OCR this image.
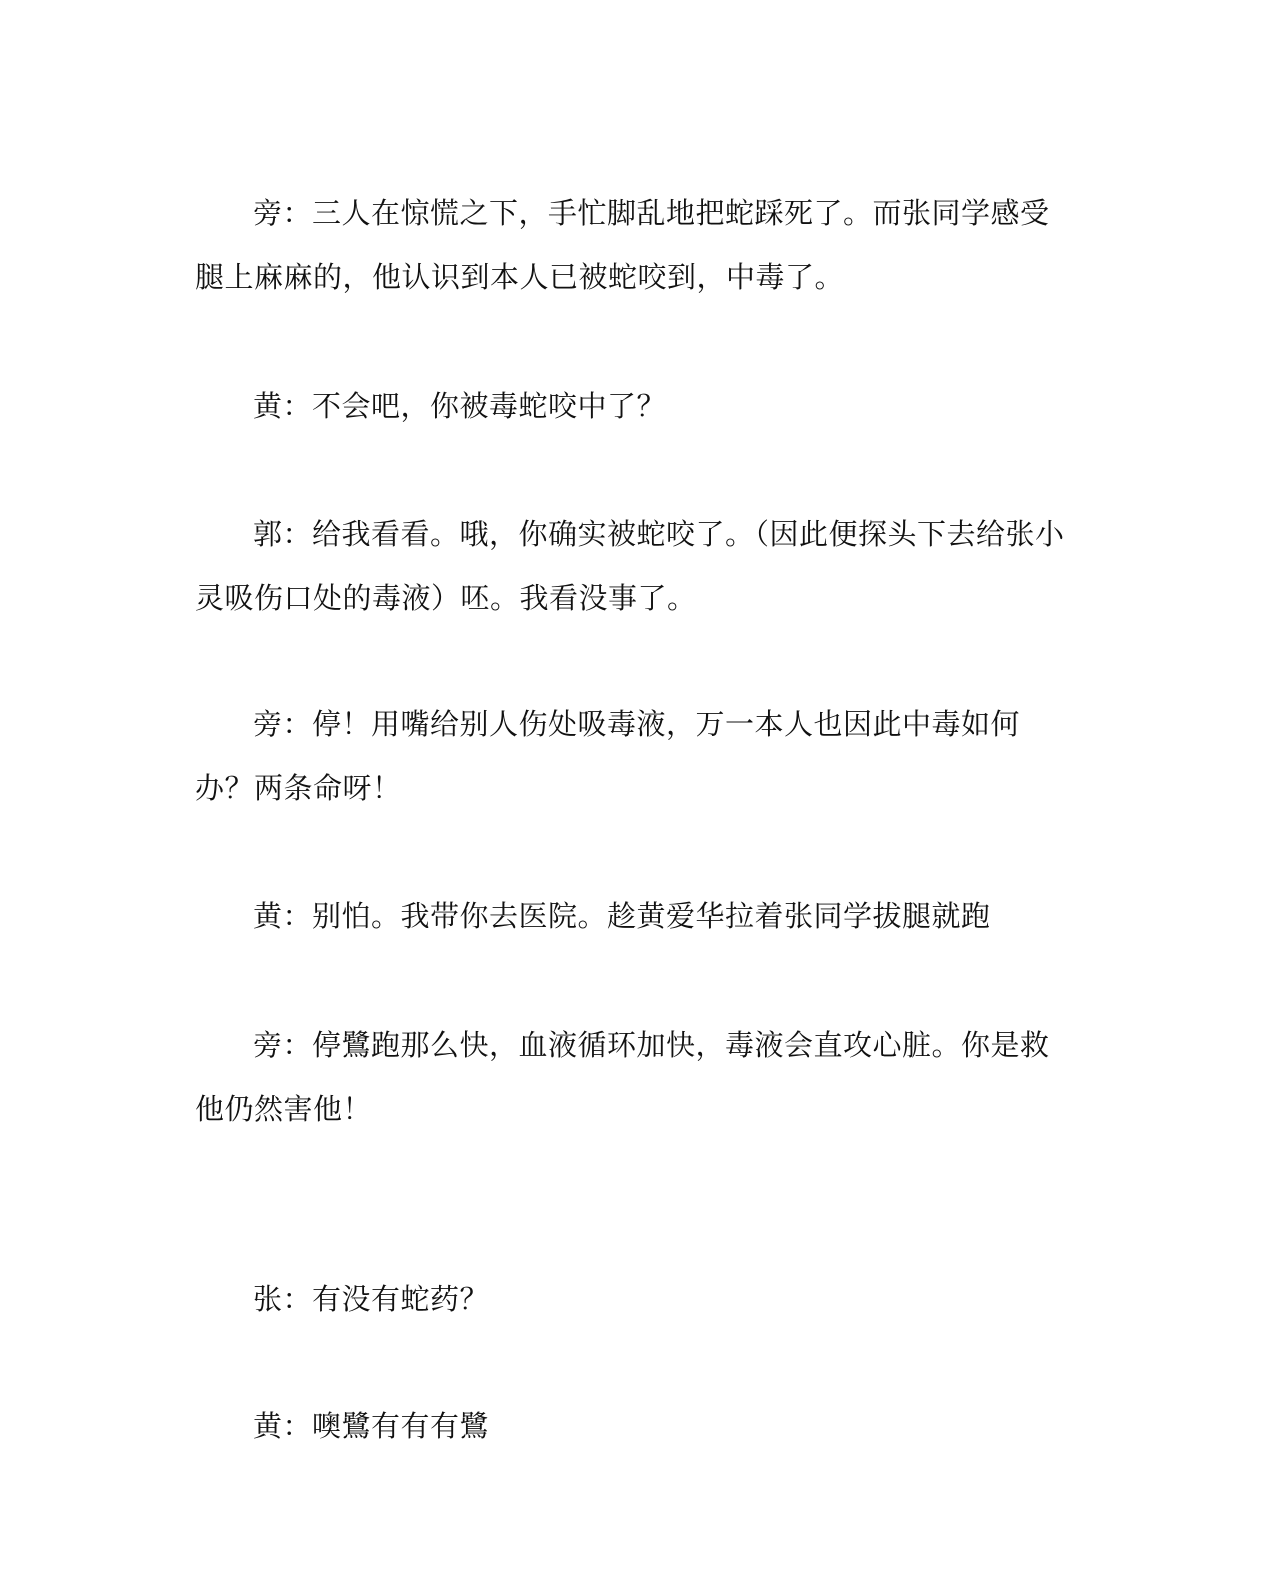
旁：三人在惊慌之下，手忙脚乱地把蛇踩死了。而张同学感受腿上麻麻的，他认识到本人已被蛇咬到，中毒了。

黄：不会吧，你被毒蛇咬中了？

郭：给我看看。哦，你确实被蛇咬了。（因此便探头下去给张小灵吸伤口处的毒液）呸。我看没事了。

旁：停！用嘴给别人伤处吸毒液，万一本人也因此中毒如何办？两条命呀！

黄：别怕。我带你去医院。趁黄爱华拉着张同学拔腿就跑

旁：停鷺跑那么快，血液循环加快，毒液会直攻心脏。你是救他仍然害他！

张：有没有蛇药？

黄：噢鷺有有有鷺
